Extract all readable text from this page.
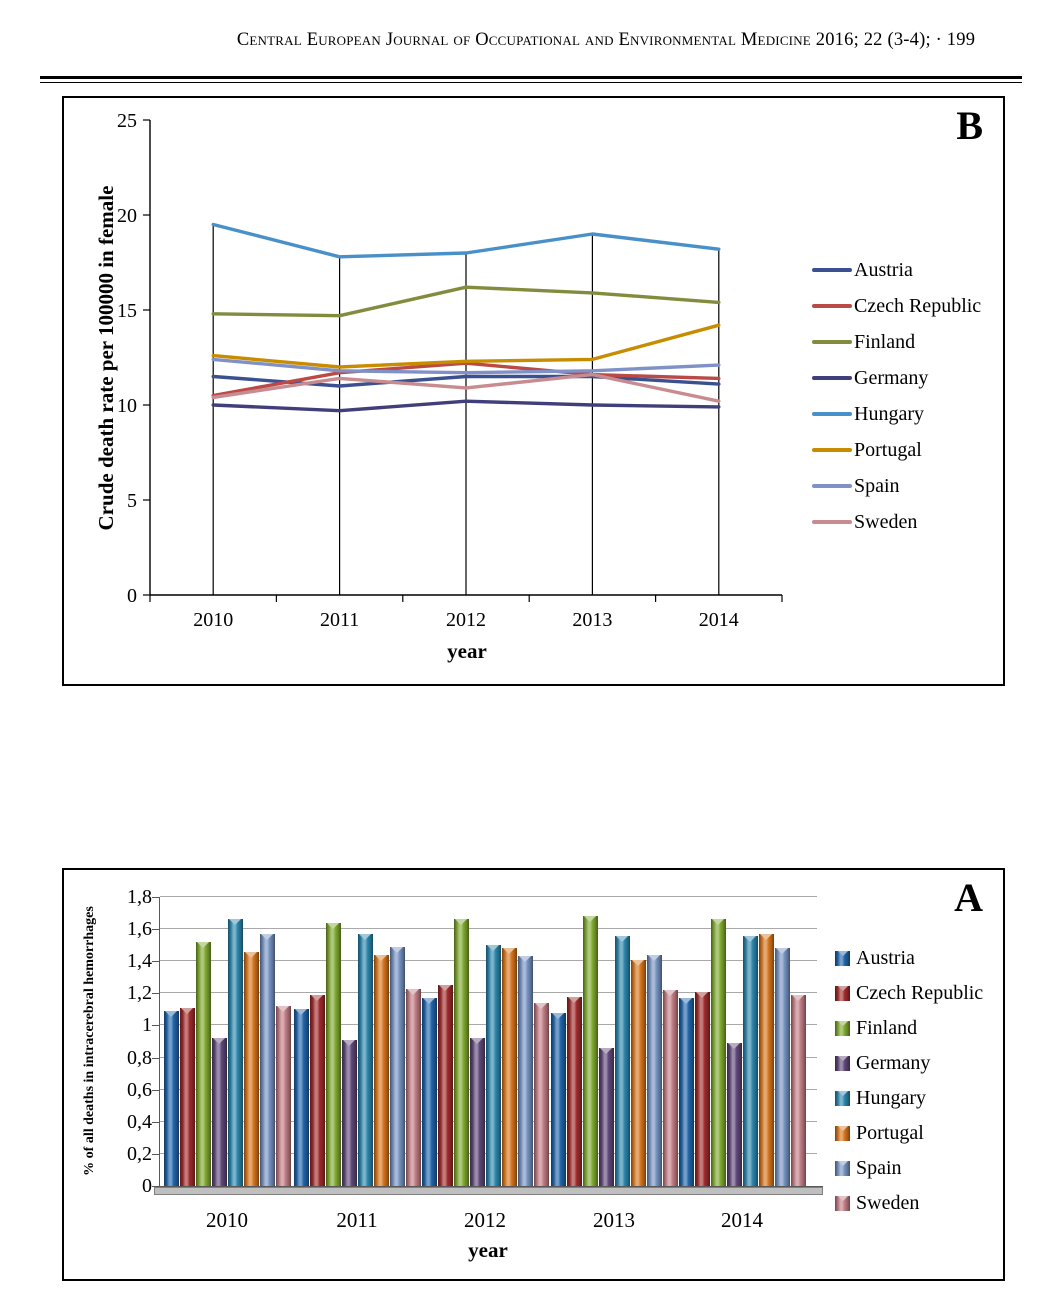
Central European Journal of Occupational and Environmental Medicine 2016; 22 (3-4); · 199
B
0
5
10
15
20
25
2010	2011	2012	2013	2014
Crude death rate per 100000 in female
year
Austria
Czech Republic
Finland
Germany
Hungary
Portugal
Spain
Sweden
A
% of all deaths in intracerebral hemorrhages
year
Austria
Czech Republic
Finland
Germany
Hungary
Portugal
Spain
Sweden
0
0,2
0,4
0,6
0,8
1
1,2
1,4
1,6
1,8
2010	2011	2012	2013	2014
